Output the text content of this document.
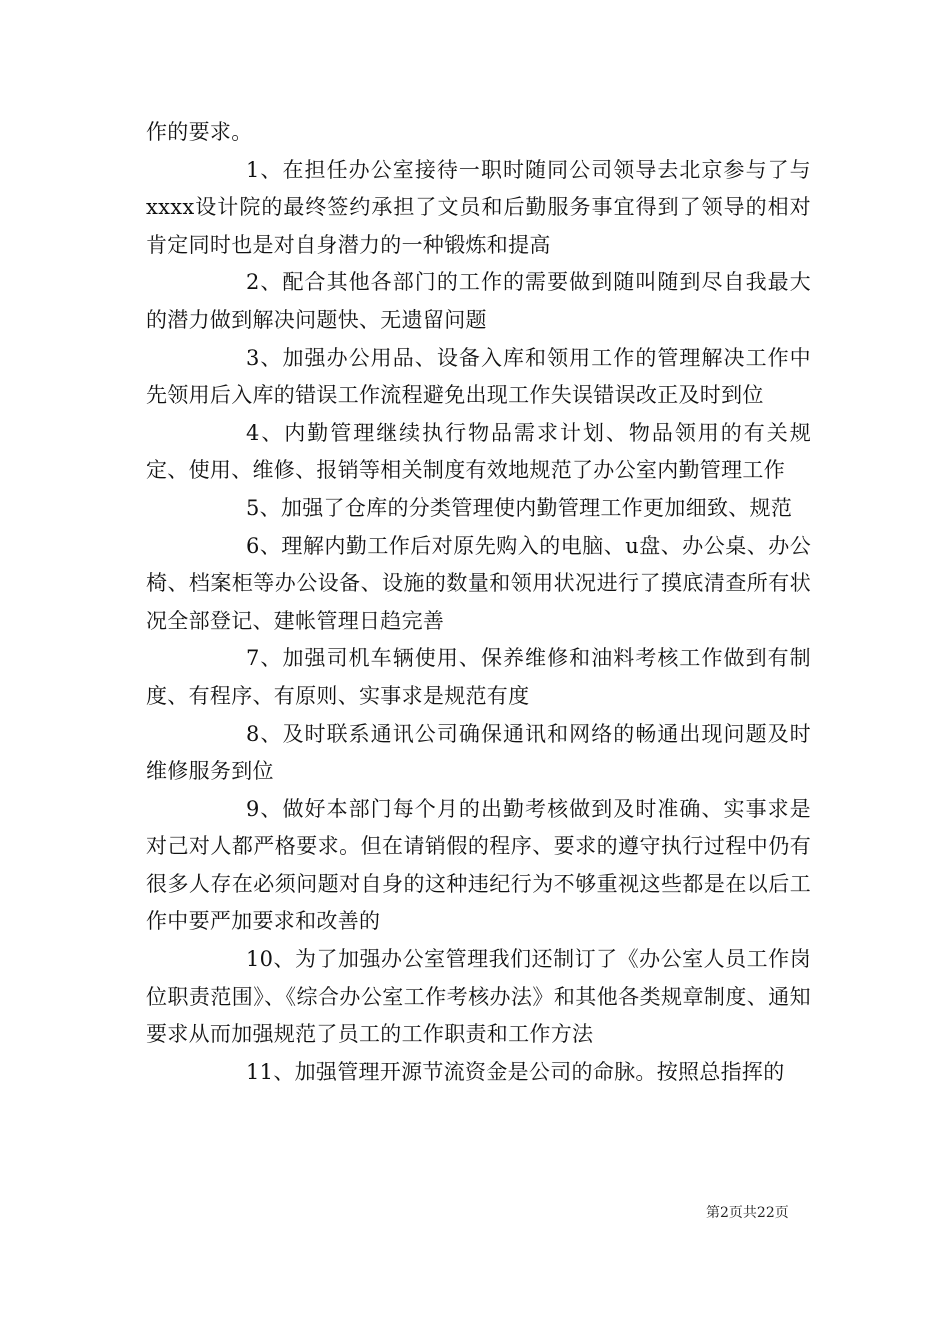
作的要求。

1、在担任办公室接待一职时随同公司领导去北京参与了与xxxx设计院的最终签约承担了文员和后勤服务事宜得到了领导的相对肯定同时也是对自身潜力的一种锻炼和提高

2、配合其他各部门的工作的需要做到随叫随到尽自我最大的潜力做到解决问题快、无遗留问题

3、加强办公用品、设备入库和领用工作的管理解决工作中先领用后入库的错误工作流程避免出现工作失误错误改正及时到位

4、内勤管理继续执行物品需求计划、物品领用的有关规定、使用、维修、报销等相关制度有效地规范了办公室内勤管理工作

5、加强了仓库的分类管理使内勤管理工作更加细致、规范

6、理解内勤工作后对原先购入的电脑、u盘、办公桌、办公椅、档案柜等办公设备、设施的数量和领用状况进行了摸底清查所有状况全部登记、建帐管理日趋完善

7、加强司机车辆使用、保养维修和油料考核工作做到有制度、有程序、有原则、实事求是规范有度

8、及时联系通讯公司确保通讯和网络的畅通出现问题及时维修服务到位

9、做好本部门每个月的出勤考核做到及时准确、实事求是对己对人都严格要求。但在请销假的程序、要求的遵守执行过程中仍有很多人存在必须问题对自身的这种违纪行为不够重视这些都是在以后工作中要严加要求和改善的

10、为了加强办公室管理我们还制订了《办公室人员工作岗位职责范围》、《综合办公室工作考核办法》和其他各类规章制度、通知要求从而加强规范了员工的工作职责和工作方法

11、加强管理开源节流资金是公司的命脉。按照总指挥的

第2页共22页
